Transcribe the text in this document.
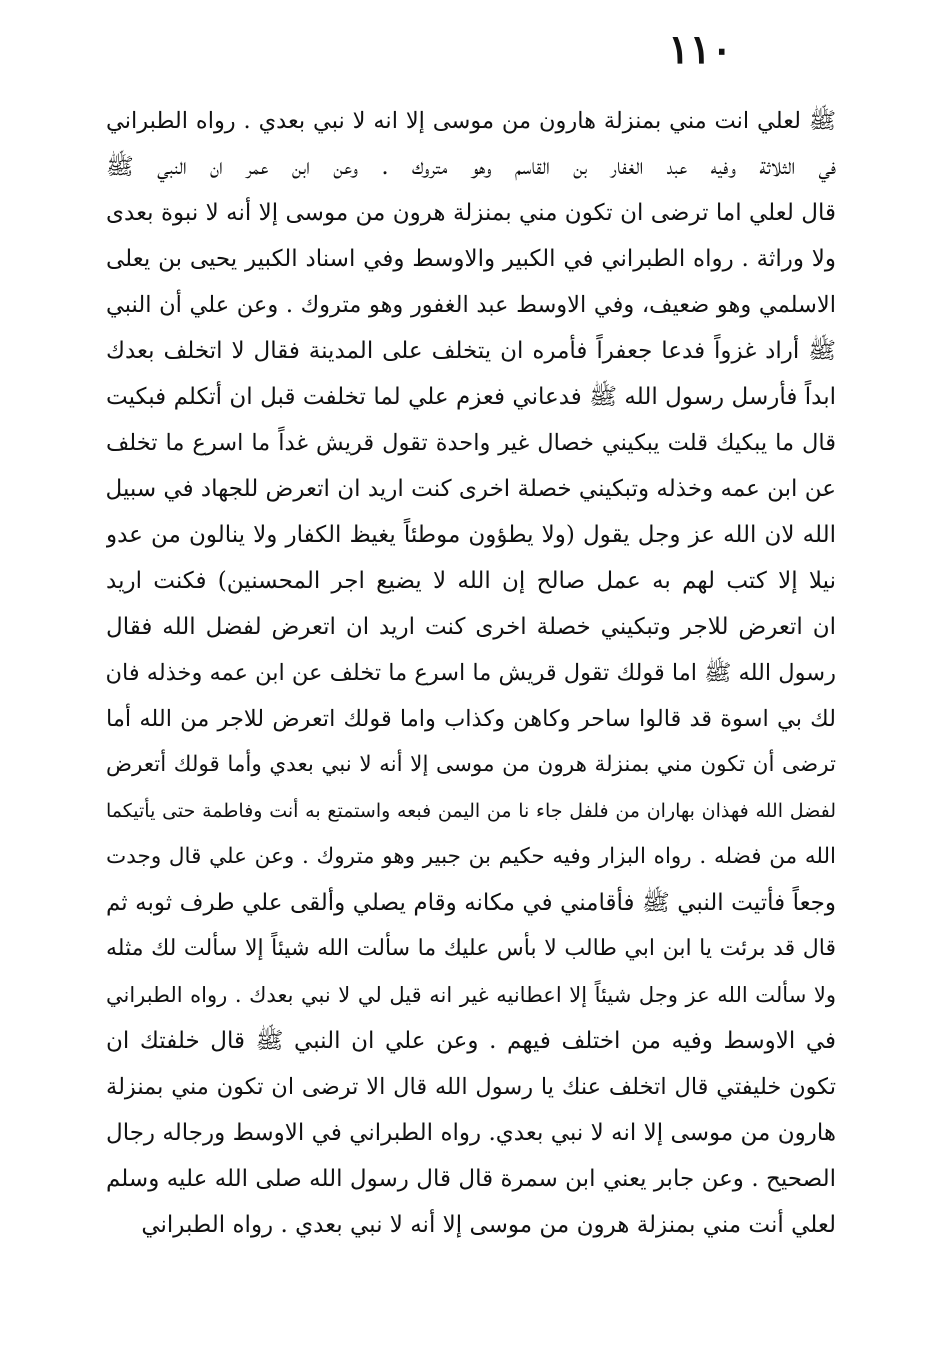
١١٠
ﷺ لعلي انت مني بمنزلة هارون من موسى إلا انه لا نبي بعدي . رواه الطبراني
في الثلاثة وفيه عبد الغفار بن القاسم وهو متروك . وعن ابن عمر ان النبي ﷺ
قال لعلي اما ترضى ان تكون مني بمنزلة هرون من موسى إلا أنه لا نبوة بعدى
ولا وراثة . رواه الطبراني في الكبير والاوسط وفي اسناد الكبير يحيى بن يعلى
الاسلمي وهو ضعيف، وفي الاوسط عبد الغفور وهو متروك . وعن علي أن النبي
ﷺ أراد غزواً فدعا جعفراً فأمره ان يتخلف على المدينة فقال لا اتخلف بعدك
ابداً فأرسل رسول الله ﷺ فدعاني فعزم علي لما تخلفت قبل ان أتكلم فبكيت
قال ما يبكيك قلت يبكيني خصال غير واحدة تقول قريش غداً ما اسرع ما تخلف
عن ابن عمه وخذله وتبكيني خصلة اخرى كنت اريد ان اتعرض للجهاد في سبيل
الله لان الله عز وجل يقول (ولا يطؤون موطئاً يغيظ الكفار ولا ينالون من عدو
نيلا إلا كتب لهم به عمل صالح إن الله لا يضيع اجر المحسنين) فكنت اريد
ان اتعرض للاجر وتبكيني خصلة اخرى كنت اريد ان اتعرض لفضل الله فقال
رسول الله ﷺ اما قولك تقول قريش ما اسرع ما تخلف عن ابن عمه وخذله فان
لك بي اسوة قد قالوا ساحر وكاهن وكذاب واما قولك اتعرض للاجر من الله أما
ترضى أن تكون مني بمنزلة هرون من موسى إلا أنه لا نبي بعدي وأما قولك أتعرض
لفضل الله فهذان بهاران من فلفل جاء نا من اليمن فبعه واستمتع به أنت وفاطمة حتى يأتيكما
الله من فضله . رواه البزار وفيه حكيم بن جبير وهو متروك . وعن علي قال وجدت
وجعاً فأتيت النبي ﷺ فأقامني في مكانه وقام يصلي وألقى علي طرف ثوبه ثم
قال قد برئت يا ابن ابي طالب لا بأس عليك ما سألت الله شيئاً إلا سألت لك مثله
ولا سألت الله عز وجل شيئاً إلا اعطانيه غير انه قيل لي لا نبي بعدك . رواه الطبراني
في الاوسط وفيه من اختلف فيهم . وعن علي ان النبي ﷺ قال خلفتك ان
تكون خليفتي قال اتخلف عنك يا رسول الله قال الا ترضى ان تكون مني بمنزلة
هارون من موسى إلا انه لا نبي بعدي. رواه الطبراني في الاوسط ورجاله رجال
الصحيح . وعن جابر يعني ابن سمرة قال قال رسول الله صلى الله عليه وسلم
لعلي أنت مني بمنزلة هرون من موسى إلا أنه لا نبي بعدي . رواه الطبراني
